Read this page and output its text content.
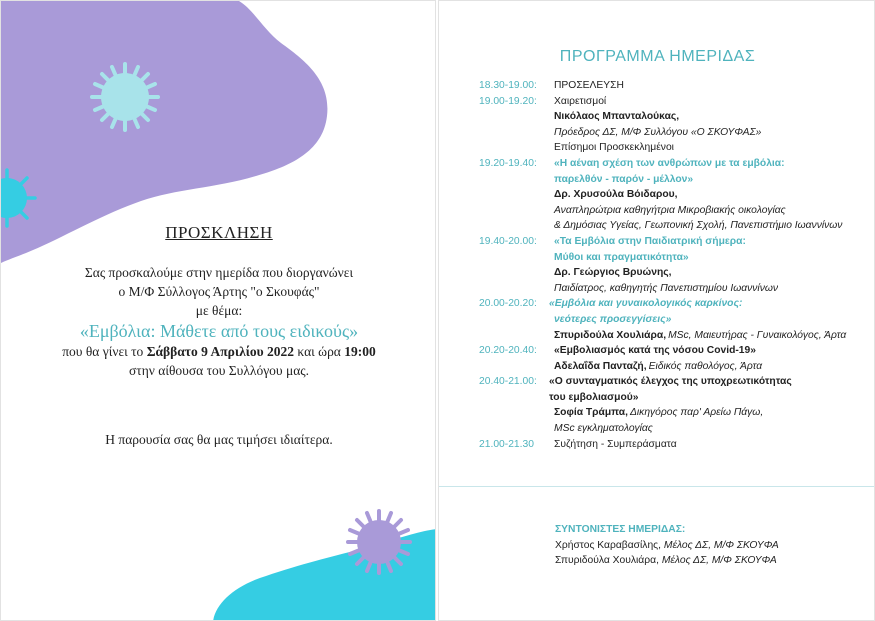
ΠΡΟΣΚΛΗΣΗ
Σας προσκαλούμε στην ημερίδα που διοργανώνει
ο Μ/Φ Σύλλογος Άρτης "ο Σκουφάς"
με θέμα:
«Εμβόλια: Μάθετε από τους ειδικούς»
που θα γίνει το Σάββατο 9 Απριλίου 2022 και ώρα 19:00
στην αίθουσα του Συλλόγου μας.
Η παρουσία σας θα μας τιμήσει ιδιαίτερα.
ΠΡΟΓΡΑΜΜΑ ΗΜΕΡΙΔΑΣ
18.30-19.00:	ΠΡΟΣΕΛΕΥΣΗ
19.00-19.20:	Χαιρετισμοί
Νικόλαος Μπανταλούκας,
Πρόεδρος ΔΣ, Μ/Φ Συλλόγου «Ο ΣΚΟΥΦΑΣ»
Επίσημοι Προσκεκλημένοι
19.20-19.40:	«Η αέναη σχέση των ανθρώπων με τα εμβόλια:
παρελθόν - παρόν - μέλλον»
Δρ. Χρυσούλα Βόιδαρου,
Αναπληρώτρια καθηγήτρια Μικροβιακής οικολογίας
& Δημόσιας Υγείας, Γεωπονική Σχολή, Πανεπιστήμιο Ιωαννίνων
19.40-20.00:	«Τα Εμβόλια στην Παιδιατρική σήμερα:
Μύθοι και πραγματικότητα»
Δρ. Γεώργιος Βρυώνης,
Παιδίατρος, καθηγητής Πανεπιστημίου Ιωαννίνων
20.00-20.20:	«Εμβόλια και γυναικολογικός καρκίνος:
νεότερες προσεγγίσεις»
Σπυριδούλα Χουλιάρα, MSc, Μαιευτήρας - Γυναικολόγος, Άρτα
20.20-20.40:	«Εμβολιασμός κατά της νόσου Covid-19»
Αδελαΐδα Πανταζή, Ειδικός παθολόγος, Άρτα
20.40-21.00:	«Ο συνταγματικός έλεγχος της υποχρεωτικότητας
του εμβολιασμού»
Σοφία Τράμπα, Δικηγόρος παρ' Αρείω Πάγω,
MSc εγκληματολογίας
21.00-21.30	Συζήτηση - Συμπεράσματα
ΣΥΝΤΟΝΙΣΤΕΣ ΗΜΕΡΙΔΑΣ:
Χρήστος Καραβασίλης, Μέλος ΔΣ, Μ/Φ ΣΚΟΥΦΑ
Σπυριδούλα Χουλιάρα, Μέλος ΔΣ, Μ/Φ ΣΚΟΥΦΑ
